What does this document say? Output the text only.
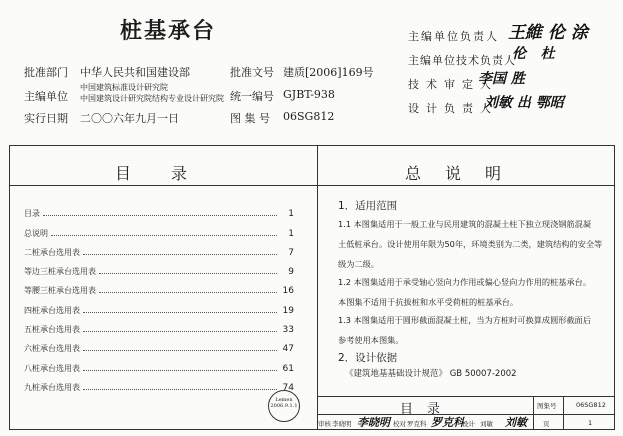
桩基承台
批准部门 中华人民共和国建设部
主编单位
中国建筑标准设计研究院
中国建筑设计研究院结构专业设计研究院
实行日期 二〇〇六年九月一日
批准文号 建质[2006]169号
统一编号 GJBT-938
图 集 号 06SG812
主编单位负责人 王維 伦 涂
主编单位技术负责人
伦   杜
技术审定人
李国 胜
设计负责人
刘敏 出 鄂昭
目录	总说明
目录	1
总说明	1
二桩承台选用表	7
等边三桩承台选用表	9
等腰三桩承台选用表	16
四桩承台选用表	19
五桩承台选用表	33
六桩承台选用表	47
八桩承台选用表	61
九桩承台选用表	74
1．适用范围
1.1 本图集适用于一般工业与民用建筑的混凝土柱下独立现浇钢筋混凝
土低桩承台。设计使用年限为50年，环境类别为二类，建筑结构的安全等
级为二级。
1.2 本图集适用于承受轴心竖向力作用或偏心竖向力作用的桩基承台。
本图集不适用于抗拔桩和水平受荷桩的桩基承台。
1.3 本图集适用于圆形截面混凝土桩，当为方桩时可换算成圆形截面后
参考使用本图集。
2．设计依据
《建筑地基基础设计规范》 GB 50007-2002
Lemen
2006.9.1.1	目录	图集号	06SG812
页	1
审核 李晓明 李晓明 校对 罗克科 罗克科
设计 刘敏 刘敏
